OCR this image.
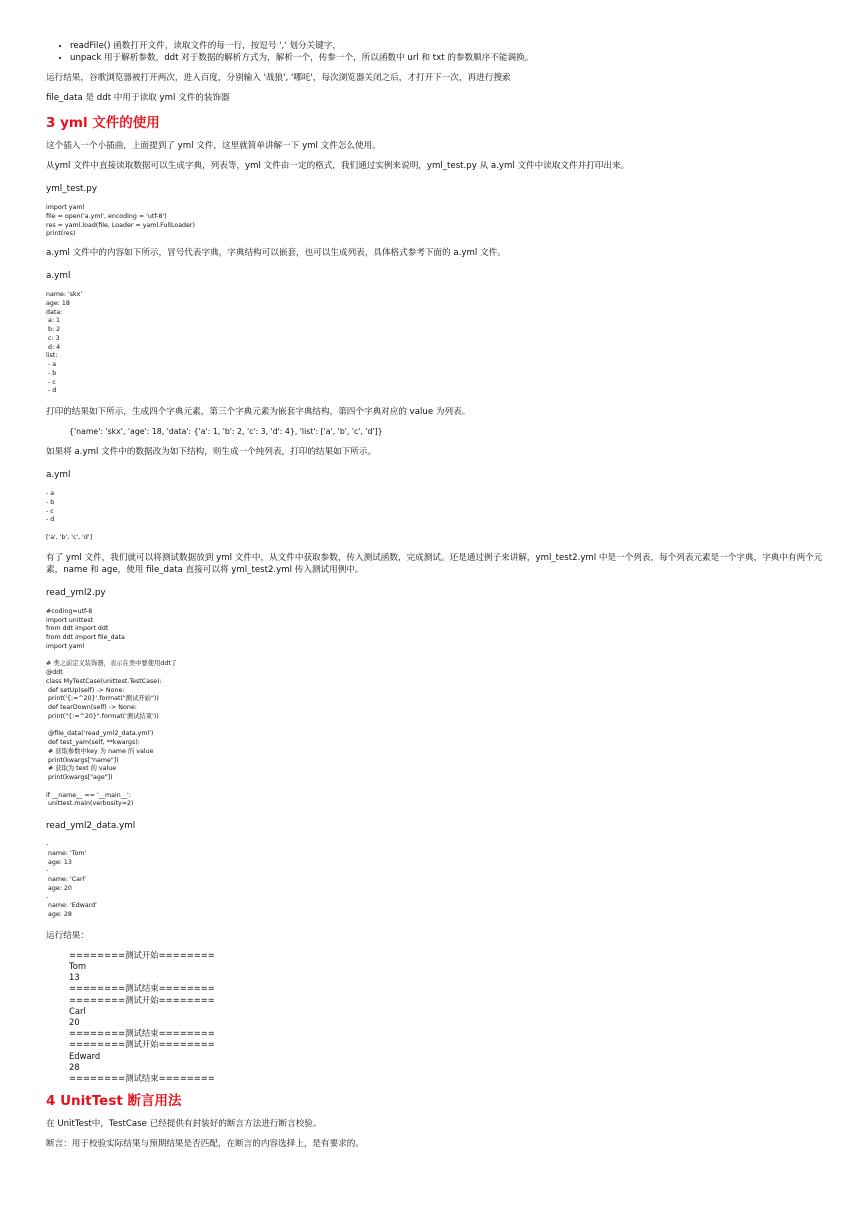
• readFile() 函数打开文件，读取文件的每一行，按逗号 ',' 划分关键字，
• unpack 用于解析参数，ddt 对于数据的解析方式为，解析一个，传参一个，所以函数中 url 和 txt 的参数顺序不能调换。

运行结果，谷歌浏览器被打开两次，进入百度，分别输入 '战狼', '哪吒'，每次浏览器关闭之后，才打开下一次，再进行搜索

file_data 是 ddt 中用于读取 yml 文件的装饰器

3 yml 文件的使用

这个插入一个小插曲，上面提到了 yml 文件，这里就简单讲解一下 yml 文件怎么使用。

从yml 文件中直接读取数据可以生成字典，列表等，yml 文件由一定的格式，我们通过实例来说明，yml_test.py 从 a.yml 文件中读取文件并打印出来。

yml_test.py

import yaml
file = open('a.yml', encoding = 'utf-8')
res = yaml.load(file, Loader = yaml.FullLoader)
print(res)

a.yml 文件中的内容如下所示，冒号代表字典，字典结构可以嵌套，也可以生成列表，具体格式参考下面的 a.yml 文件。

a.yml

name: 'skx'
age: 18
data:
a: 1
b: 2
c: 3
d: 4
list:
- a
- b
- c
- d

打印的结果如下所示，生成四个字典元素，第三个字典元素为嵌套字典结构，第四个字典对应的 value 为列表。

{'name': 'skx', 'age': 18, 'data': {'a': 1, 'b': 2, 'c': 3, 'd': 4}, 'list': ['a', 'b', 'c', 'd']}

如果将 a.yml 文件中的数据改为如下结构，则生成一个纯列表，打印的结果如下所示。

a.yml

- a
- b
- c
- d
['a', 'b', 'c', 'd']

有了 yml 文件，我们就可以将测试数据放到 yml 文件中，从文件中获取参数，传入测试函数，完成测试。还是通过例子来讲解，yml_test2.yml 中是一个列表，每个列表元素是一个字典，字典中有两个元素，name 和 age，使用 file_data 直接可以将 yml_test2.yml 传入测试用例中。

read_yml2.py

#coding=utf-8
import unittest
from ddt import ddt
from ddt import file_data
import yaml

# 类之前定义装饰器，表示在类中要使用ddt了
@ddt
class MyTestCase(unittest.TestCase):
def setUp(self) -> None:
print('{:=^20}'.format("测试开始"))
def tearDown(self) -> None:
print("{:=^20}".format('测试结束'))

@file_data('read_yml2_data.yml')
def test_yam(self, **kwargs):
# 获取参数中key 为 name 的 value
print(kwargs["name"])
# 获取为 text 的 value
print(kwargs["age"])

if __name__ == '__main__':
unittest.main(verbosity=2)

read_yml2_data.yml

-
name: 'Tom'
age: 13
-
name: 'Carl'
age: 20
-
name: 'Edward'
age: 28

运行结果：

========测试开始========
Tom
13
========测试结束========
========测试开始========
Carl
20
========测试结束========
========测试开始========
Edward
28
========测试结束========
4 UnitTest 断言用法

在 UnitTest中，TestCase 已经提供有封装好的断言方法进行断言校验。

断言：用于校验实际结果与预期结果是否匹配，在断言的内容选择上，是有要求的。
